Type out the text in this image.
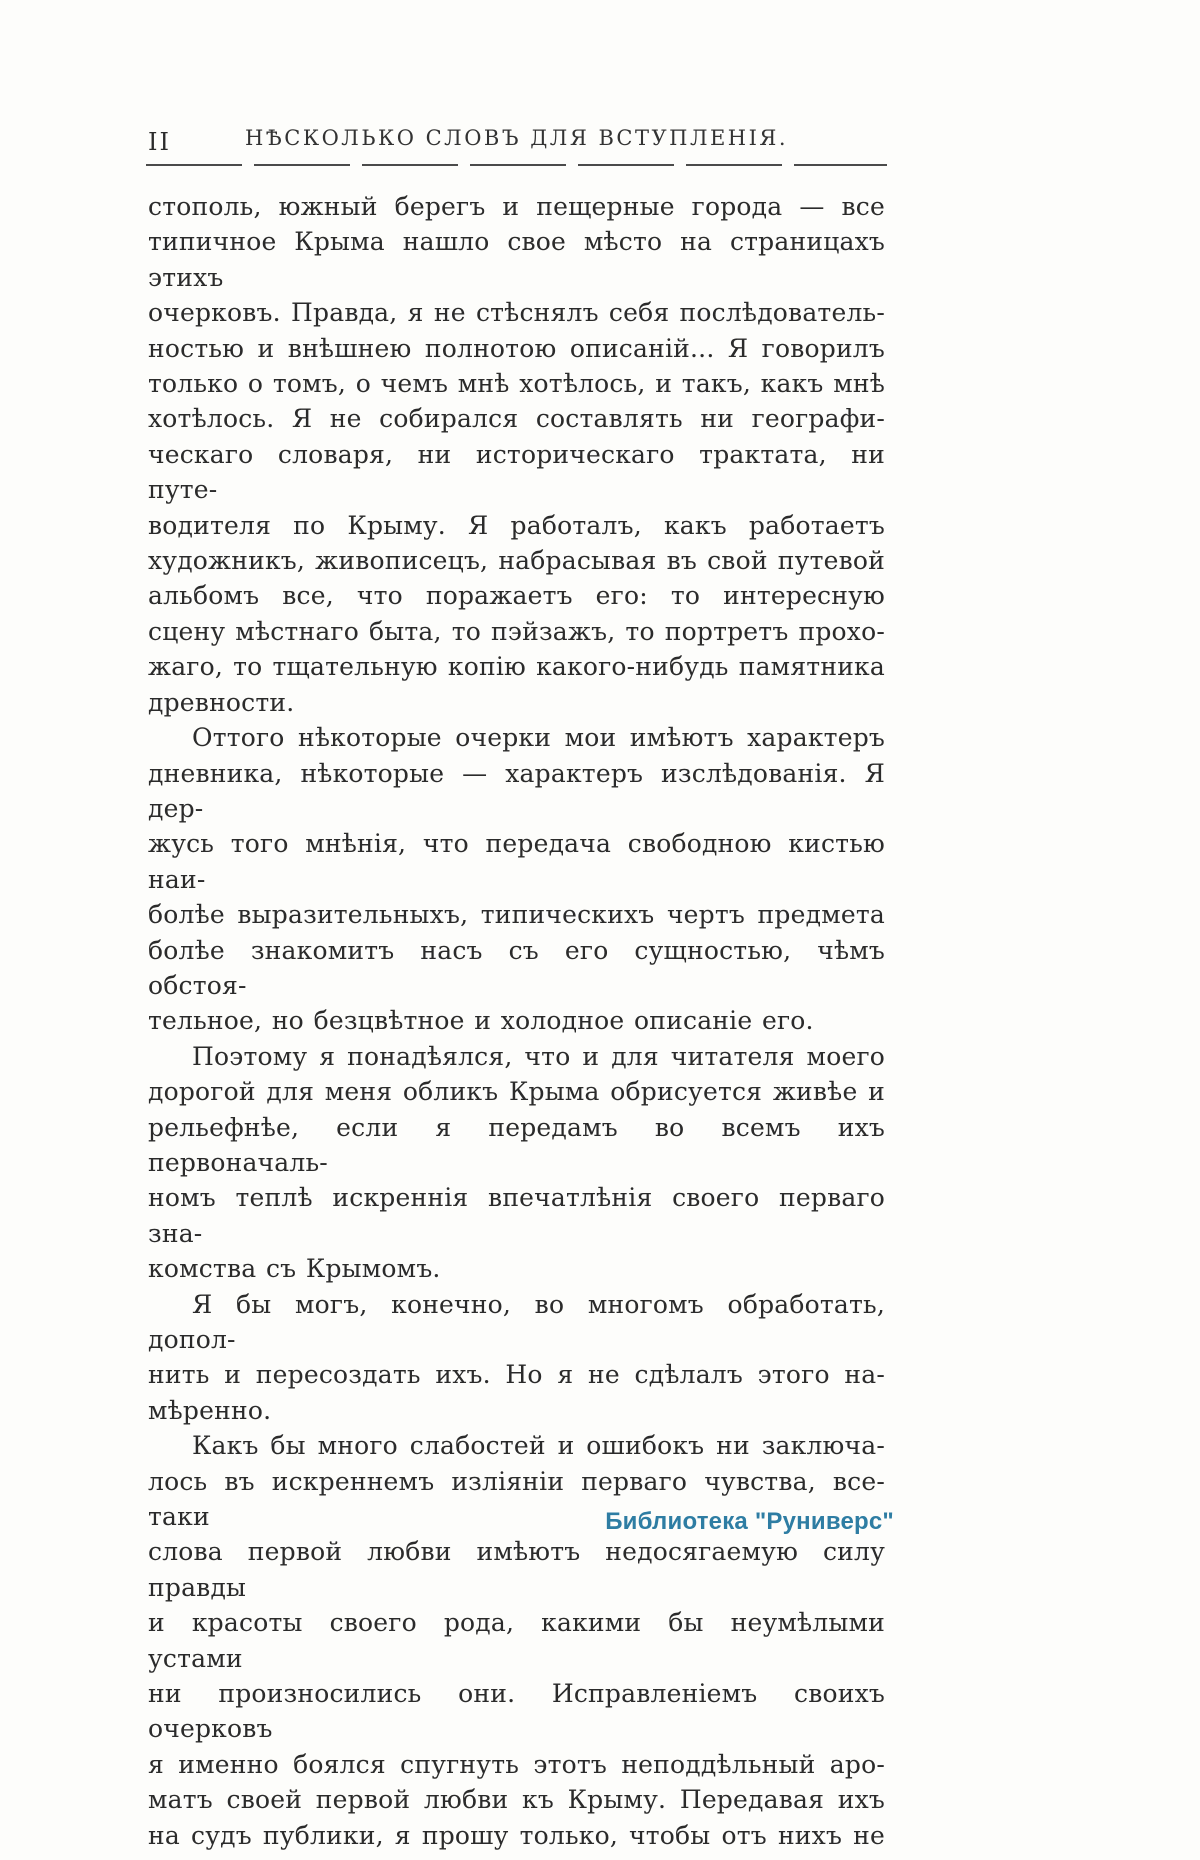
II	НѢСКОЛЬКО СЛОВЪ ДЛЯ ВСТУПЛЕНІЯ.
стополь, южный берегъ и пещерные города — все
типичное Крыма нашло свое мѣсто на страницахъ этихъ
очерковъ. Правда, я не стѣснялъ себя послѣдователь-
ностью и внѣшнею полнотою описаній... Я говорилъ
только о томъ, о чемъ мнѣ хотѣлось, и такъ, какъ мнѣ
хотѣлось. Я не собирался составлять ни географи-
ческаго словаря, ни историческаго трактата, ни путе-
водителя по Крыму. Я работалъ, какъ работаетъ
художникъ, живописецъ, набрасывая въ свой путевой
альбомъ все, что поражаетъ его: то интересную
сцену мѣстнаго быта, то пэйзажъ, то портретъ прохо-
жаго, то тщательную копію какого-нибудь памятника
древности.
Оттого нѣкоторые очерки мои имѣютъ характеръ
дневника, нѣкоторые — характеръ изслѣдованія. Я дер-
жусь того мнѣнія, что передача свободною кистью наи-
болѣе выразительныхъ, типическихъ чертъ предмета
болѣе знакомитъ насъ съ его сущностью, чѣмъ обстоя-
тельное, но безцвѣтное и холодное описаніе его.
Поэтому я понадѣялся, что и для читателя моего
дорогой для меня обликъ Крыма обрисуется живѣе и
рельефнѣе, если я передамъ во всемъ ихъ первоначаль-
номъ теплѣ искреннія впечатлѣнія своего перваго зна-
комства съ Крымомъ.
Я бы могъ, конечно, во многомъ обработать, допол-
нить и пересоздать ихъ. Но я не сдѣлалъ этого на-
мѣренно.
Какъ бы много слабостей и ошибокъ ни заключа-
лось въ искреннемъ изліяніи перваго чувства, все-таки
слова первой любви имѣютъ недосягаемую силу правды
и красоты своего рода, какими бы неумѣлыми устами
ни произносились они. Исправленіемъ своихъ очерковъ
я именно боялся спугнуть этотъ неподдѣльный аро-
матъ своей первой любви къ Крыму. Передавая ихъ
на судъ публики, я прошу только, чтобы отъ нихъ не
Библиотека "Руниверс"
